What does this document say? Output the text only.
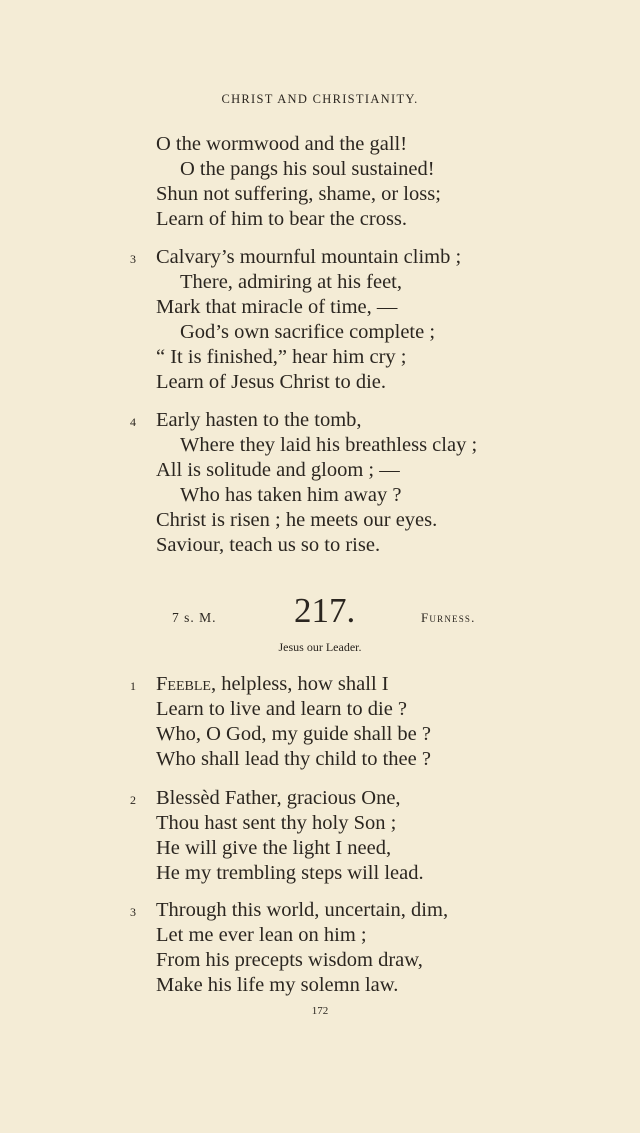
CHRIST AND CHRISTIANITY.
O the wormwood and the gall!
O the pangs his soul sustained!
Shun not suffering, shame, or loss;
Learn of him to bear the cross.
3 Calvary’s mournful mountain climb ;
There, admiring at his feet,
Mark that miracle of time, —
God’s own sacrifice complete ;
“ It is finished,” hear him cry ;
Learn of Jesus Christ to die.
4 Early hasten to the tomb,
Where they laid his breathless clay ;
All is solitude and gloom ; —
Who has taken him away ?
Christ is risen ; he meets our eyes.
Saviour, teach us so to rise.
7 s. M. 217.	Furness.
Jesus our Leader.
1 Feeble, helpless, how shall I
Learn to live and learn to die ?
Who, O God, my guide shall be ?
Who shall lead thy child to thee ?
2 Blessèd Father, gracious One,
Thou hast sent thy holy Son ;
He will give the light I need,
He my trembling steps will lead.
3 Through this world, uncertain, dim,
Let me ever lean on him ;
From his precepts wisdom draw,
Make his life my solemn law.
172
